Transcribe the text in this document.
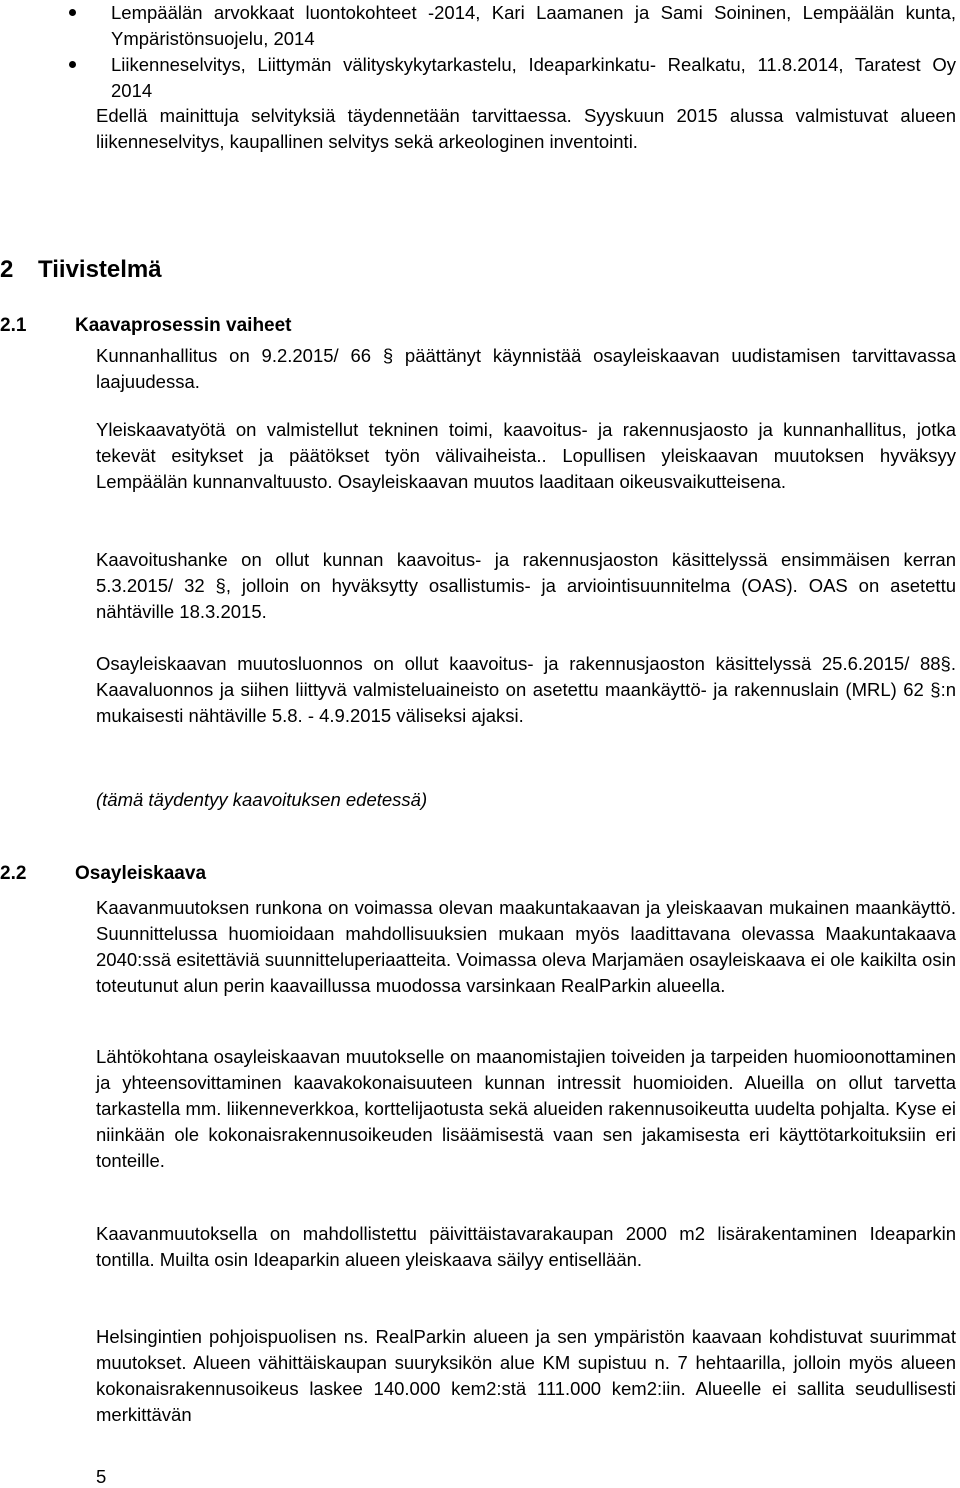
Lempäälän arvokkaat luontokohteet -2014, Kari Laamanen ja Sami Soininen, Lempäälän kunta, Ympäristönsuojelu, 2014
Liikenneselvitys, Liittymän välityskykytarkastelu, Ideaparkinkatu- Realkatu, 11.8.2014, Taratest Oy 2014

Edellä mainittuja selvityksiä täydennetään tarvittaessa. Syyskuun 2015 alussa valmistuvat alueen liikenneselvitys, kaupallinen selvitys sekä arkeologinen inventointi.

2 Tiivistelmä
2.1	Kaavaprosessin vaiheet

Kunnanhallitus on 9.2.2015/ 66 § päättänyt käynnistää osayleiskaavan uudistamisen tarvittavassa laajuudessa.

Yleiskaavatyötä on valmistellut tekninen toimi, kaavoitus- ja rakennusjaosto ja kunnanhallitus, jotka tekevät esitykset ja päätökset työn välivaiheista.. Lopullisen yleiskaavan muutoksen hyväksyy Lempäälän kunnanvaltuusto. Osayleiskaavan muutos laaditaan oikeusvaikutteisena.

Kaavoitushanke on ollut kunnan kaavoitus- ja rakennusjaoston käsittelyssä ensimmäisen kerran 5.3.2015/ 32 §, jolloin on hyväksytty osallistumis- ja arviointisuunnitelma (OAS). OAS on asetettu nähtäville 18.3.2015.

Osayleiskaavan muutosluonnos on ollut kaavoitus- ja rakennusjaoston käsittelyssä 25.6.2015/ 88§. Kaavaluonnos ja siihen liittyvä valmisteluaineisto on asetettu maankäyttö- ja rakennuslain (MRL) 62 §:n mukaisesti nähtäville 5.8. - 4.9.2015 väliseksi ajaksi.

(tämä täydentyy kaavoituksen edetessä)

2.2	Osayleiskaava

Kaavanmuutoksen runkona on voimassa olevan maakuntakaavan ja yleiskaavan mukainen maankäyttö. Suunnittelussa huomioidaan mahdollisuuksien mukaan myös laadittavana olevassa Maakuntakaava 2040:ssä esitettäviä suunnitteluperiaatteita. Voimassa oleva Marjamäen osayleiskaava ei ole kaikilta osin toteutunut alun perin kaavaillussa muodossa varsinkaan RealParkin alueella.

Lähtökohtana osayleiskaavan muutokselle on maanomistajien toiveiden ja tarpeiden huomioonottaminen ja yhteensovittaminen kaavakokonaisuuteen kunnan intressit huomioiden. Alueilla on ollut tarvetta tarkastella mm. liikenneverkkoa, korttelijaotusta sekä alueiden rakennusoikeutta uudelta pohjalta. Kyse ei niinkään ole kokonaisrakennusoikeuden lisäämisestä vaan sen jakamisesta eri käyttötarkoituksiin eri tonteille.

Kaavanmuutoksella on mahdollistettu päivittäistavarakaupan 2000 m2 lisärakentaminen Ideaparkin tontilla. Muilta osin Ideaparkin alueen yleiskaava säilyy entisellään.

Helsingintien pohjoispuolisen ns. RealParkin alueen ja sen ympäristön kaavaan kohdistuvat suurimmat muutokset. Alueen vähittäiskaupan suuryksikön alue KM supistuu n. 7 hehtaarilla, jolloin myös alueen kokonaisrakennusoikeus laskee 140.000 kem2:stä 111.000 kem2:iin. Alueelle ei sallita seudullisesti merkittävän

5
